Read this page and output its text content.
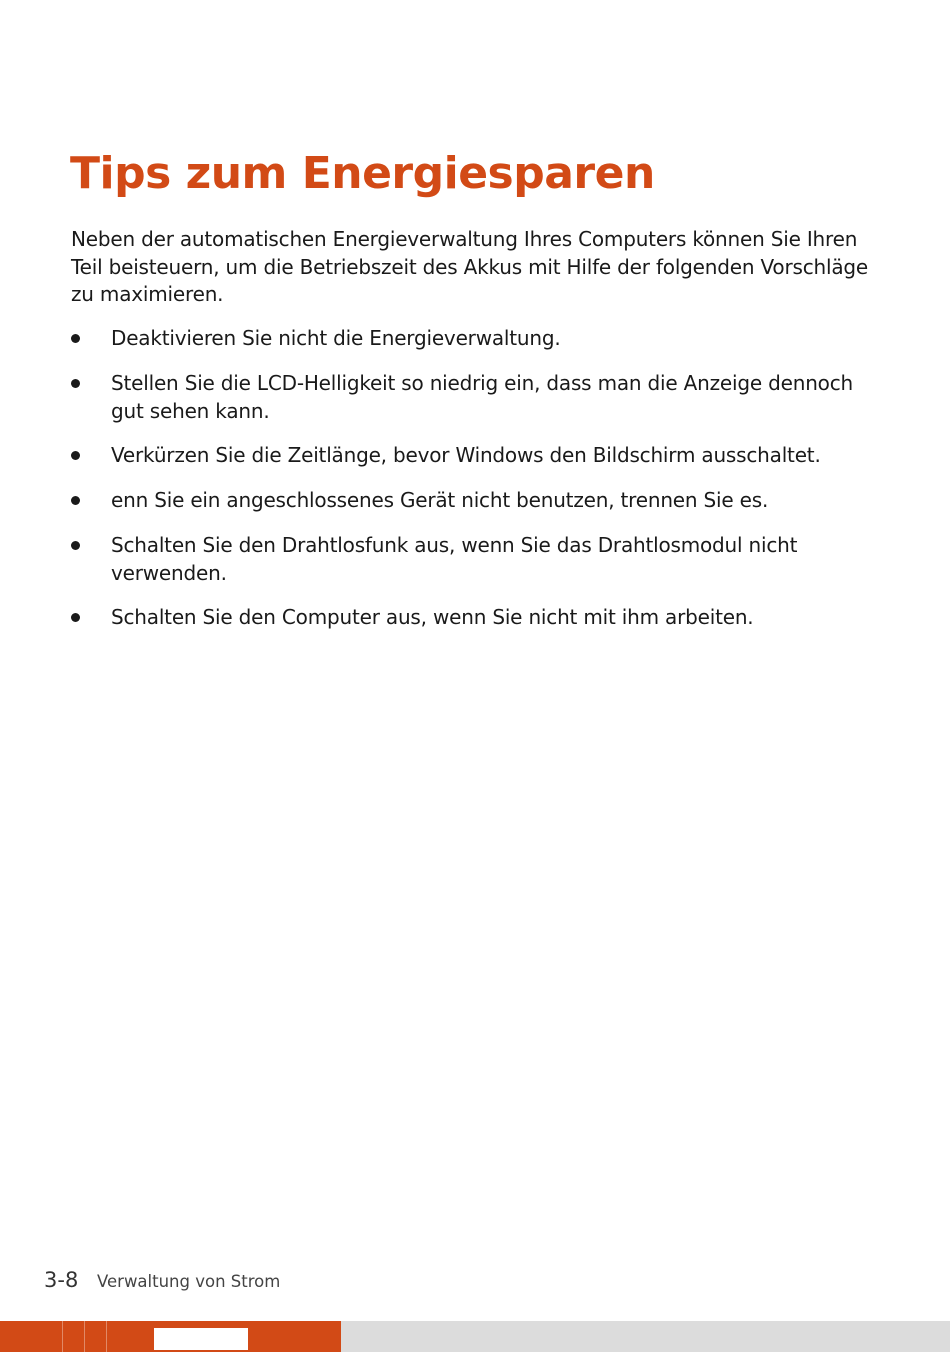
Tips zum Energiesparen

Neben der automatischen Energieverwaltung Ihres Computers können Sie Ihren Teil beisteuern, um die Betriebszeit des Akkus mit Hilfe der folgenden Vorschläge zu maximieren.

Deaktivieren Sie nicht die Energieverwaltung.
Stellen Sie die LCD-Helligkeit so niedrig ein, dass man die Anzeige dennoch gut sehen kann.
Verkürzen Sie die Zeitlänge, bevor Windows den Bildschirm ausschaltet.
enn Sie ein angeschlossenes Gerät nicht benutzen, trennen Sie es.
Schalten Sie den Drahtlosfunk aus, wenn Sie das Drahtlosmodul nicht verwenden.
Schalten Sie den Computer aus, wenn Sie nicht mit ihm arbeiten.
3-8 Verwaltung von Strom
